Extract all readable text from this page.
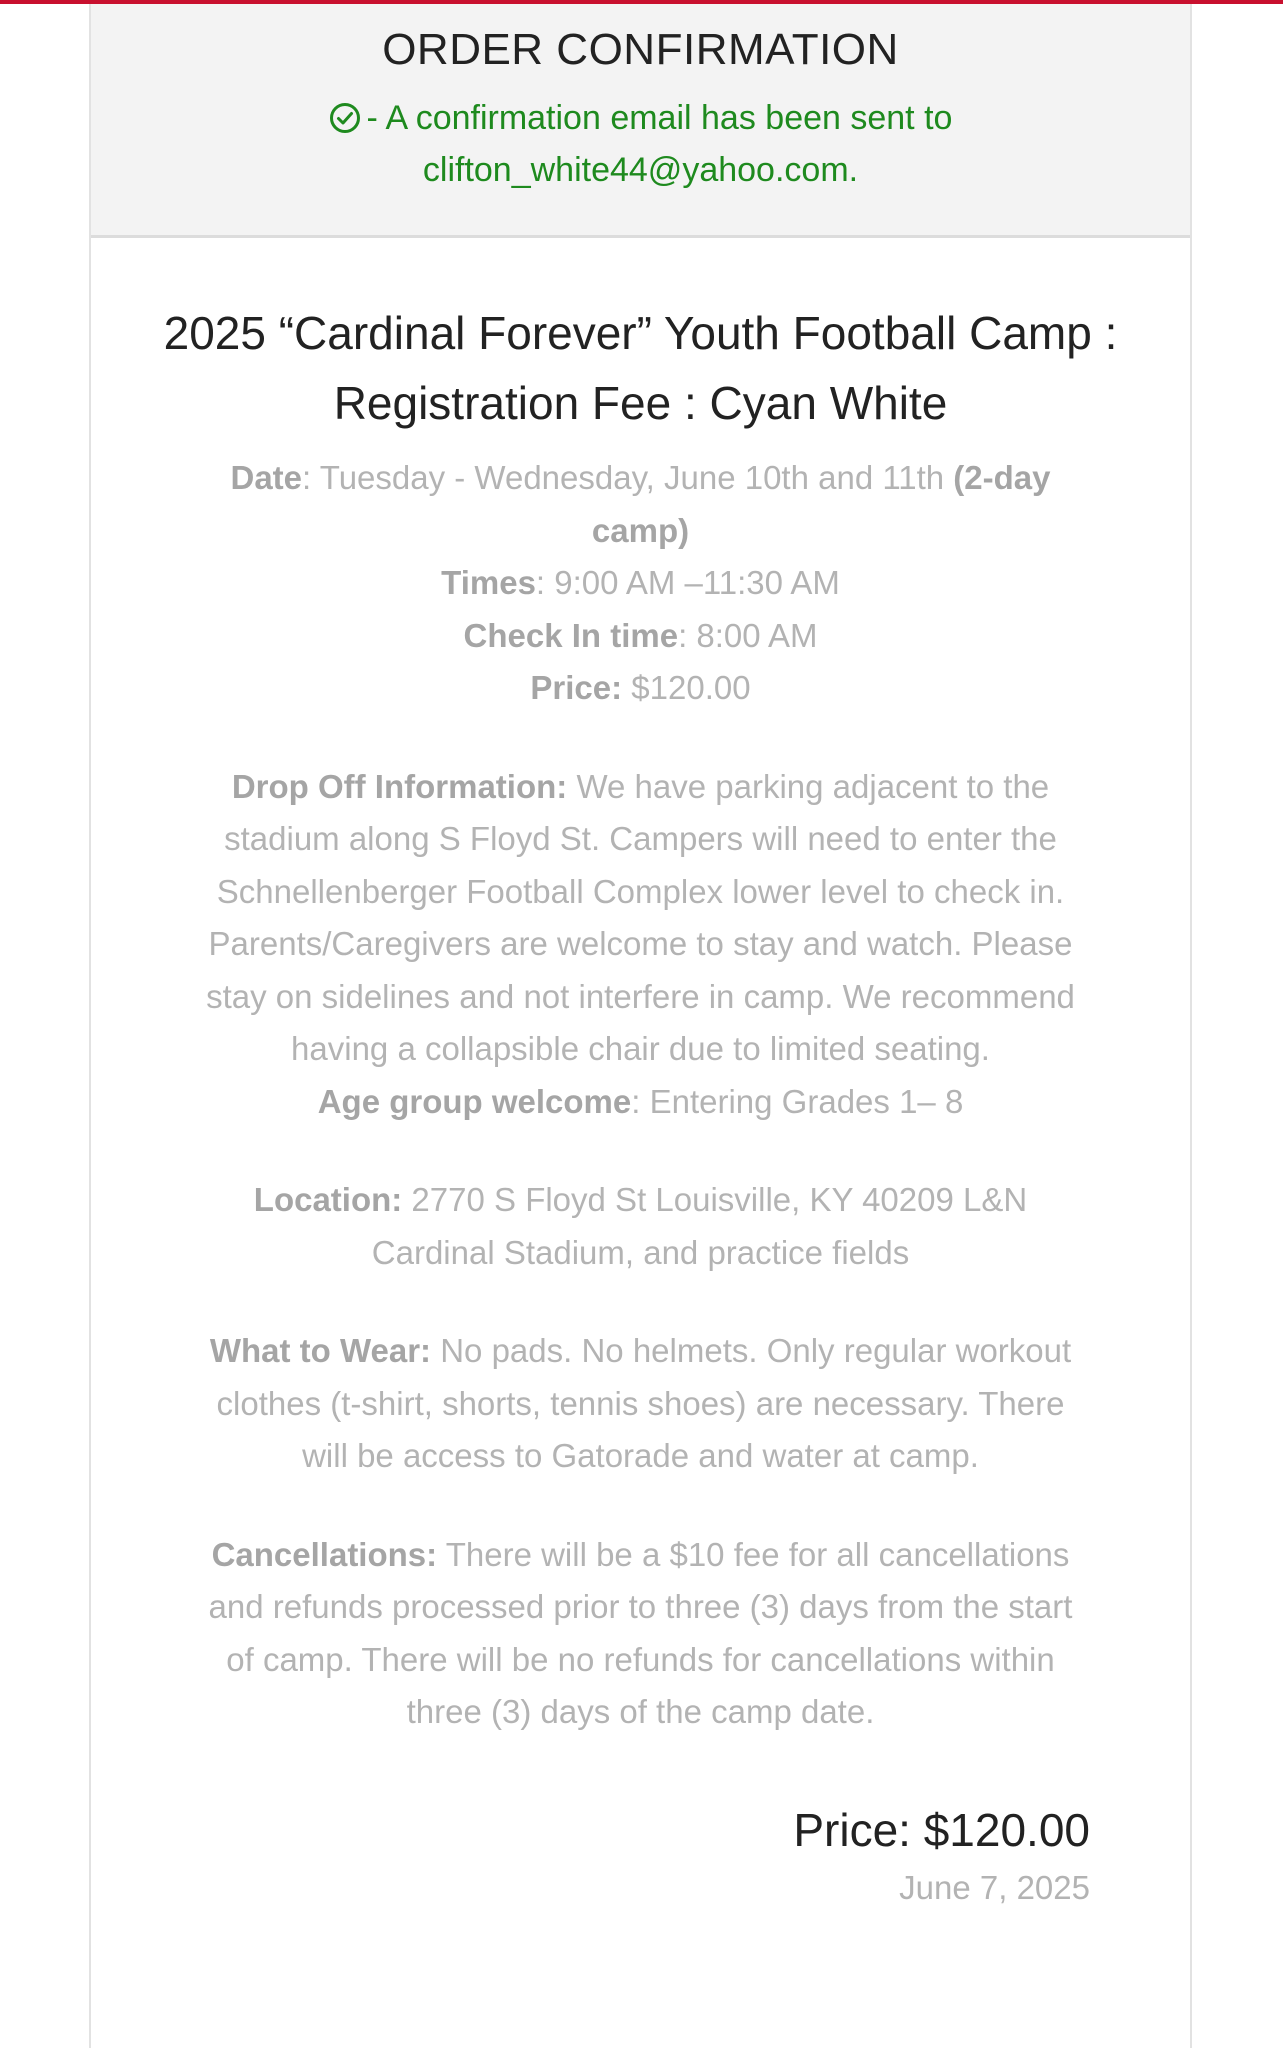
ORDER CONFIRMATION
- A confirmation email has been sent to
clifton_white44@yahoo.com.
2025 “Cardinal Forever” Youth Football Camp :
Registration Fee : Cyan White

Date: Tuesday - Wednesday, June 10th and 11th (2-day camp)

Times: 9:00 AM –11:30 AM

Check In time: 8:00 AM

Price: $120.00

Drop Off Information: We have parking adjacent to the stadium along S Floyd St. Campers will need to enter the Schnellenberger Football Complex lower level to check in. Parents/Caregivers are welcome to stay and watch. Please stay on sidelines and not interfere in camp. We recommend having a collapsible chair due to limited seating.

Age group welcome: Entering Grades 1– 8

Location: 2770 S Floyd St Louisville, KY 40209 L&N Cardinal Stadium, and practice fields

What to Wear: No pads. No helmets. Only regular workout clothes (t-shirt, shorts, tennis shoes) are necessary. There will be access to Gatorade and water at camp.

Cancellations: There will be a $10 fee for all cancellations and refunds processed prior to three (3) days from the start of camp. There will be no refunds for cancellations within three (3) days of the camp date.

Price: $120.00
June 7, 2025
